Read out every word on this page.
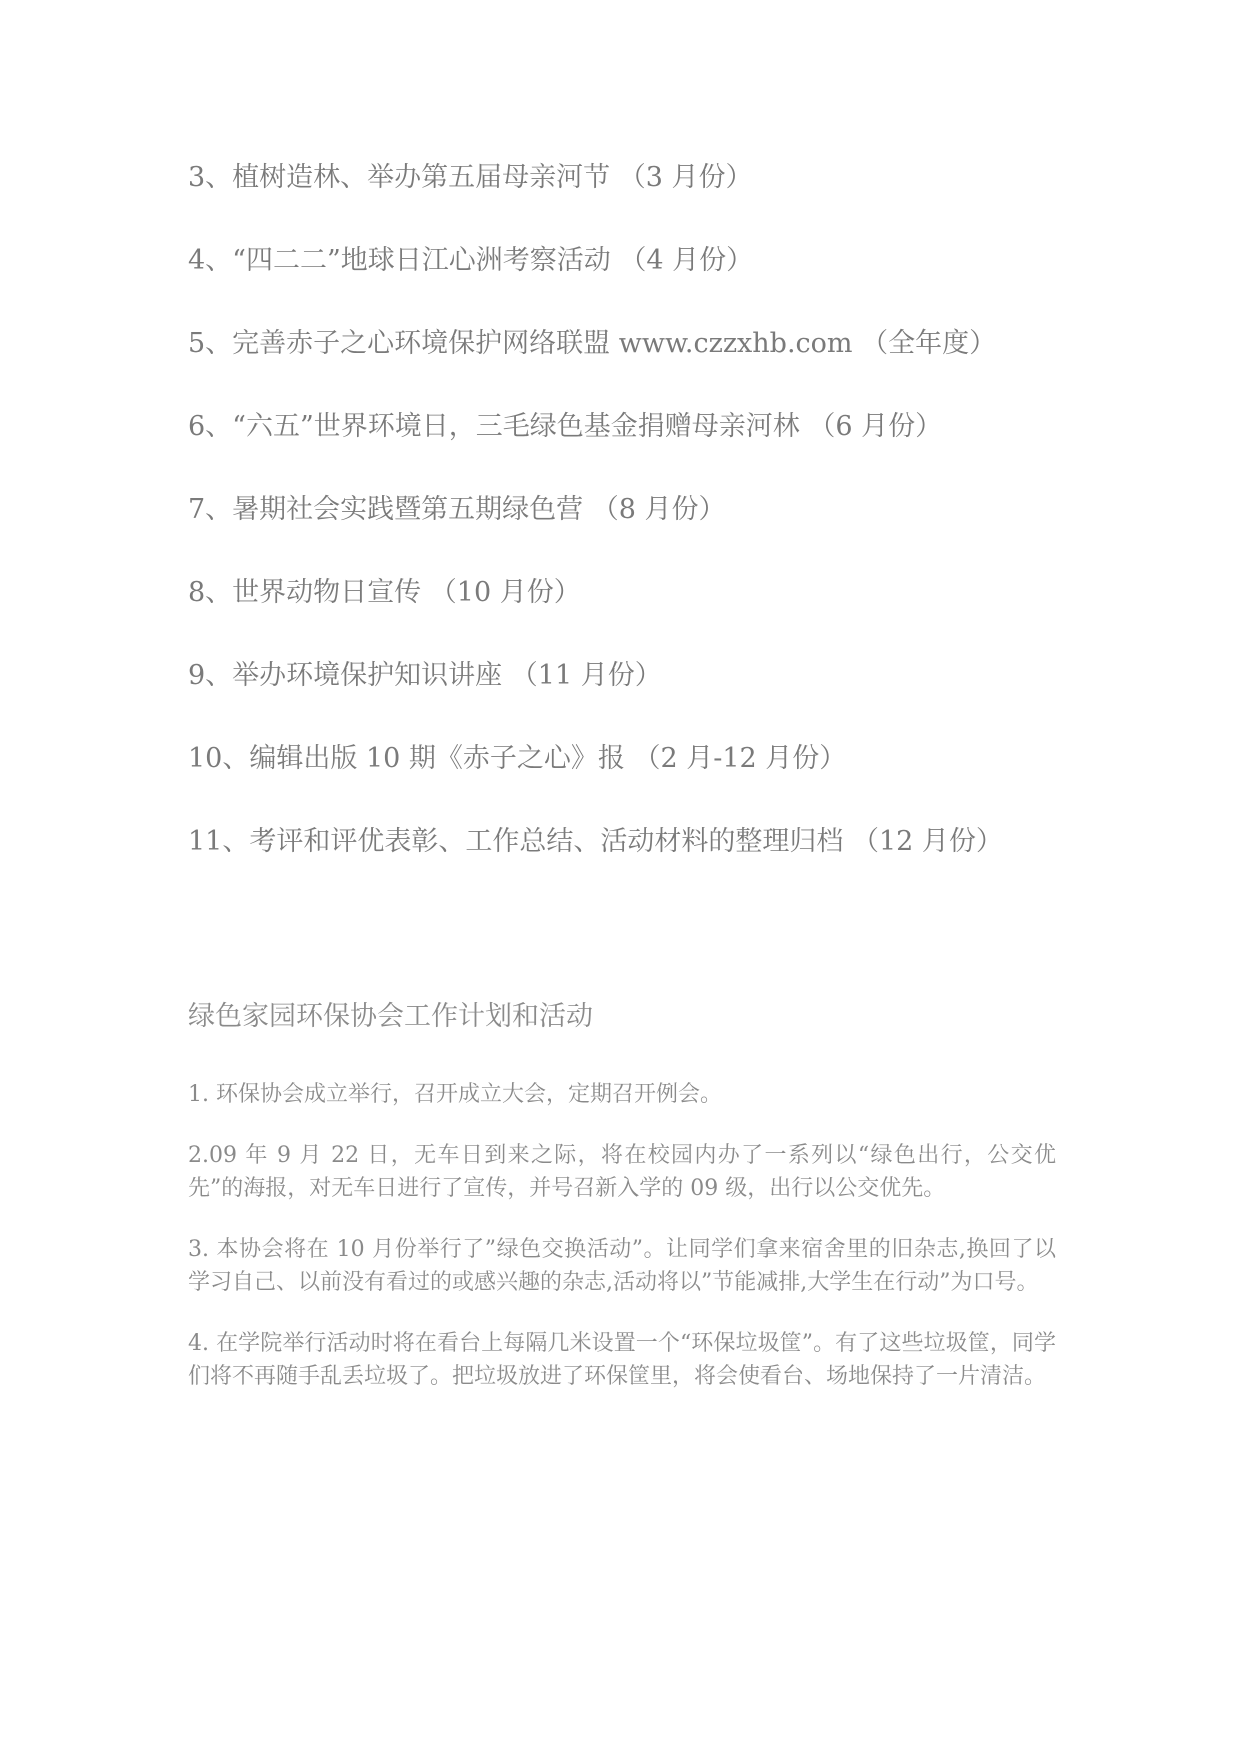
3、植树造林、举办第五届母亲河节 （3 月份）
4、“四二二”地球日江心洲考察活动 （4 月份）
5、完善赤子之心环境保护网络联盟 www.czzxhb.com （全年度）
6、“六五”世界环境日，三毛绿色基金捐赠母亲河林 （6 月份）
7、暑期社会实践暨第五期绿色营 （8 月份）
8、世界动物日宣传 （10 月份）
9、举办环境保护知识讲座 （11 月份）
10、编辑出版 10 期《赤子之心》报 （2 月-12 月份）
11、考评和评优表彰、工作总结、活动材料的整理归档 （12 月份）
绿色家园环保协会工作计划和活动

1. 环保协会成立举行，召开成立大会，定期召开例会。

2.09 年 9 月 22 日，无车日到来之际，将在校园内办了一系列以“绿色出行，公交优先”的海报，对无车日进行了宣传，并号召新入学的 09 级，出行以公交优先。

3. 本协会将在 10 月份举行了”绿色交换活动”。让同学们拿来宿舍里的旧杂志,换回了以学习自己、以前没有看过的或感兴趣的杂志,活动将以”节能减排,大学生在行动”为口号。

4. 在学院举行活动时将在看台上每隔几米设置一个“环保垃圾筐”。有了这些垃圾筐，同学们将不再随手乱丢垃圾了。把垃圾放进了环保筐里，将会使看台、场地保持了一片清洁。
